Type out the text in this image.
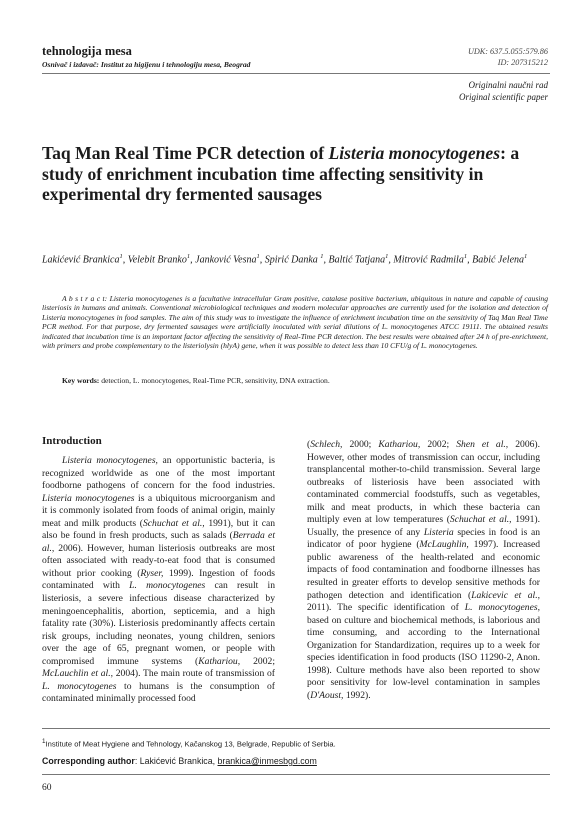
tehnologija mesa
Osnivač i izdavač: Institut za higijenu i tehnologiju mesa, Beograd
UDK: 637.5.055:579.86
ID: 207315212
Originalni naučni rad
Original scientific paper
Taq Man Real Time PCR detection of Listeria monocytogenes: a study of enrichment incubation time affecting sensitivity in experimental dry fermented sausages
Lakićević Brankica$^1$, Velebit Branko$^1$, Janković Vesna$^1$, Spirić Danka $^1$, Baltić Tatjana$^1$, Mitrović Radmila$^1$, Babić Jelena$^1$
A b s t r a c t: Listeria monocytogenes is a facultative intracellular Gram positive, catalase positive bacterium, ubiquitous in nature and capable of causing listeriosis in humans and animals. Conventional microbiological techniques and modern molecular approaches are currently used for the isolation and detection of Listeria monocytogenes in food samples. The aim of this study was to investigate the influence of enrichment incubation time on the sensitivity of Taq Man Real Time PCR method. For that purpose, dry fermented sausages were artificially inoculated with serial dilutions of L. monocytogenes ATCC 19111. The obtained results indicated that incubation time is an important factor affecting the sensitivity of Real-Time PCR detection. The best results were obtained after 24 h of pre-enrichment, with primers and probe complementary to the listeriolysin (hlyA) gene, when it was possible to detect less than 10 CFU/g of L. monocytogenes.
Key words: detection, L. monocytogenes, Real-Time PCR, sensitivity, DNA extraction.
Introduction

Listeria monocytogenes, an opportunistic bacteria, is recognized worldwide as one of the most important foodborne pathogens of concern for the food industries. Listeria monocytogenes is a ubiquitous microorganism and it is commonly isolated from foods of animal origin, mainly meat and milk products (Schuchat et al., 1991), but it can also be found in fresh products, such as salads (Berrada et al., 2006). However, human listeriosis outbreaks are most often associated with ready-to-eat food that is consumed without prior cooking (Ryser, 1999). Ingestion of foods contaminated with L. monocytogenes can result in listeriosis, a severe infectious disease characterized by meningoencephalitis, abortion, septicemia, and a high fatality rate (30%). Listeriosis predominantly affects certain risk groups, including neonates, young children, seniors over the age of 65, pregnant women, or people with compromised immune systems (Kathariou, 2002; McLauchlin et al., 2004). The main route of transmission of L. monocytogenes to humans is the consumption of contaminated minimally processed food

(Schlech, 2000; Kathariou, 2002; Shen et al., 2006). However, other modes of transmission can occur, including transplancental mother-to-child transmission. Several large outbreaks of listeriosis have been associated with contaminated commercial foodstuffs, such as vegetables, milk and meat products, in which these bacteria can multiply even at low temperatures (Schuchat et al., 1991). Usually, the presence of any Listeria species in food is an indicator of poor hygiene (McLaughlin, 1997). Increased public awareness of the health-related and economic impacts of food contamination and foodborne illnesses has resulted in greater efforts to develop sensitive methods for pathogen detection and identification (Lakicevic et al., 2011). The specific identification of L. monocytogenes, based on culture and biochemical methods, is laborious and time consuming, and according to the International Organization for Standardization, requires up to a week for species identification in food products (ISO 11290-2, Anon. 1998). Culture methods have also been reported to show poor sensitivity for low-level contamination in samples (D'Aoust, 1992).

$^1$Institute of Meat Hygiene and Tehnology, Kačanskog 13, Belgrade, Republic of Serbia.
Corresponding author: Lakićević Brankica, brankica@inmesbgd.com
60
